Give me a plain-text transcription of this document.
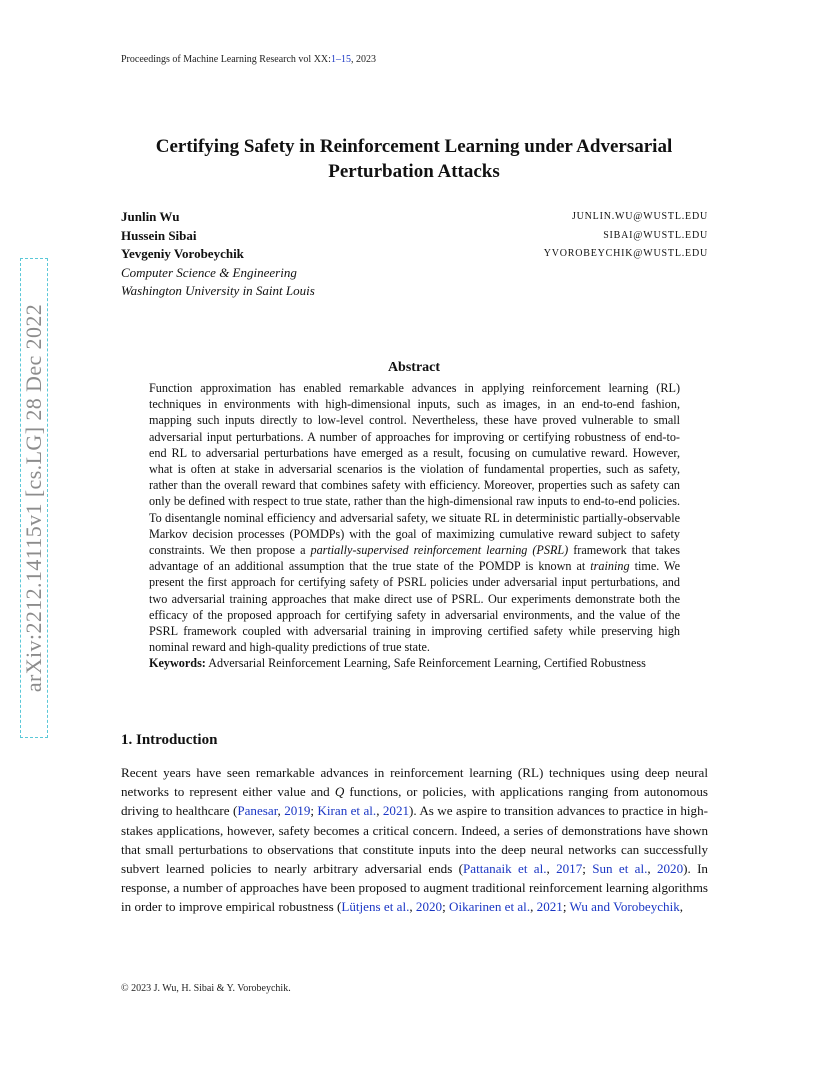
Proceedings of Machine Learning Research vol XX:1–15, 2023
arXiv:2212.14115v1 [cs.LG] 28 Dec 2022
Certifying Safety in Reinforcement Learning under Adversarial Perturbation Attacks
Junlin Wu
Hussein Sibai
Yevgeniy Vorobeychik
Computer Science & Engineering
Washington University in Saint Louis
JUNLIN.WU@WUSTL.EDU
SIBAI@WUSTL.EDU
YVOROBEYCHIK@WUSTL.EDU
Abstract

Function approximation has enabled remarkable advances in applying reinforcement learning (RL) techniques in environments with high-dimensional inputs, such as images, in an end-to-end fashion, mapping such inputs directly to low-level control. Nevertheless, these have proved vulnerable to small adversarial input perturbations. A number of approaches for improving or certifying robustness of end-to-end RL to adversarial perturbations have emerged as a result, focusing on cumulative reward. However, what is often at stake in adversarial scenarios is the violation of fundamental properties, such as safety, rather than the overall reward that combines safety with efficiency. Moreover, properties such as safety can only be defined with respect to true state, rather than the high-dimensional raw inputs to end-to-end policies. To disentangle nominal efficiency and adversarial safety, we situate RL in deterministic partially-observable Markov decision processes (POMDPs) with the goal of maximizing cumulative reward subject to safety constraints. We then propose a partially-supervised reinforcement learning (PSRL) framework that takes advantage of an additional assumption that the true state of the POMDP is known at training time. We present the first approach for certifying safety of PSRL policies under adversarial input perturbations, and two adversarial training approaches that make direct use of PSRL. Our experiments demonstrate both the efficacy of the proposed approach for certifying safety in adversarial environments, and the value of the PSRL framework coupled with adversarial training in improving certified safety while preserving high nominal reward and high-quality predictions of true state.

Keywords: Adversarial Reinforcement Learning, Safe Reinforcement Learning, Certified Robustness

1. Introduction

Recent years have seen remarkable advances in reinforcement learning (RL) techniques using deep neural networks to represent either value and Q functions, or policies, with applications ranging from autonomous driving to healthcare (Panesar, 2019; Kiran et al., 2021). As we aspire to transition advances to practice in high-stakes applications, however, safety becomes a critical concern. Indeed, a series of demonstrations have shown that small perturbations to observations that constitute inputs into the deep neural networks can successfully subvert learned policies to nearly arbitrary adversarial ends (Pattanaik et al., 2017; Sun et al., 2020). In response, a number of approaches have been proposed to augment traditional reinforcement learning algorithms in order to improve empirical robustness (Lütjens et al., 2020; Oikarinen et al., 2021; Wu and Vorobeychik,

© 2023 J. Wu, H. Sibai & Y. Vorobeychik.
